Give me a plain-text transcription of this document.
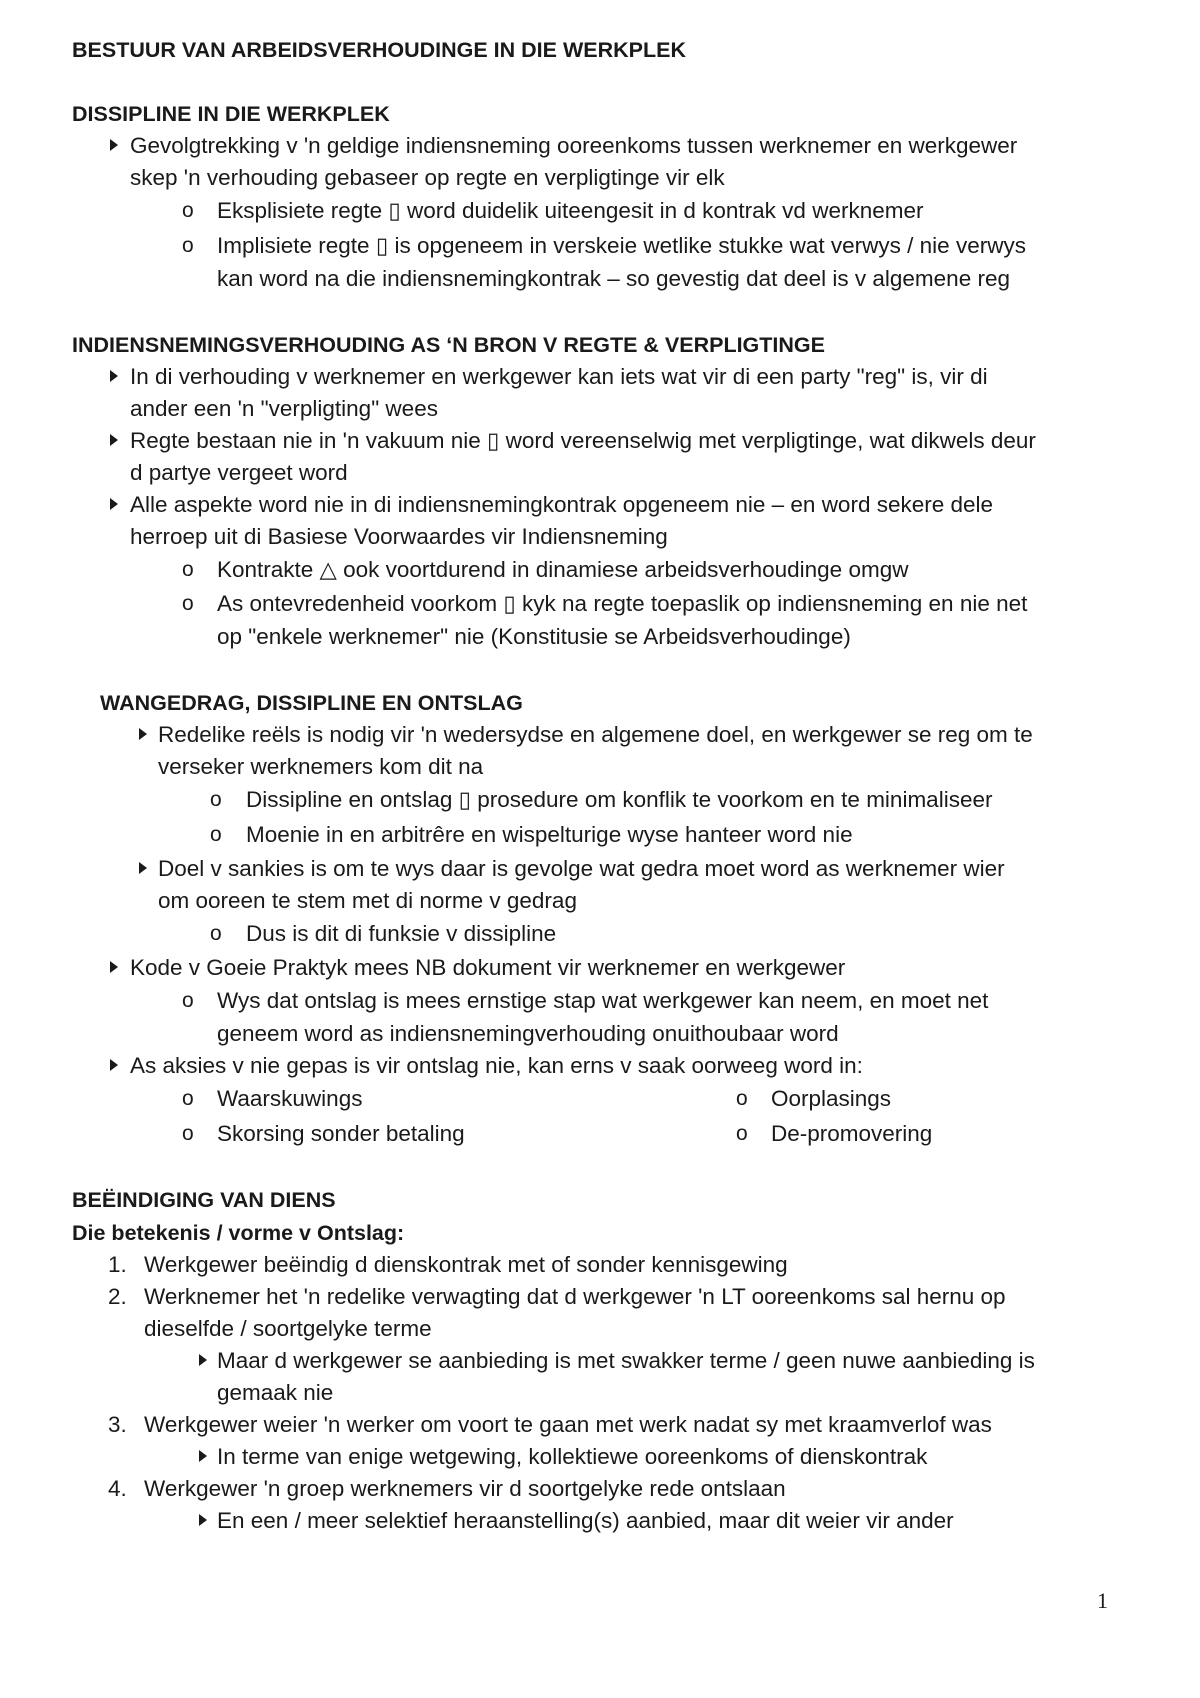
BESTUUR VAN ARBEIDSVERHOUDINGE IN DIE WERKPLEK
DISSIPLINE IN DIE WERKPLEK
Gevolgtrekking v 'n geldige indiensneming ooreenkoms tussen werknemer en werkgewer
skep 'n verhouding gebaseer op regte en verpligtinge vir elk
o Eksplisiete regte ▯ word duidelik uiteengesit in d kontrak vd werknemer
o Implisiete regte ▯ is opgeneem in verskeie wetlike stukke wat verwys / nie verwys
kan word na die indiensnemingkontrak – so gevestig dat deel is v algemene reg
INDIENSNEMINGSVERHOUDING AS ‘N BRON V REGTE & VERPLIGTINGE
In di verhouding v werknemer en werkgewer kan iets wat vir di een party "reg" is, vir di
ander een 'n "verpligting" wees
Regte bestaan nie in 'n vakuum nie ▯ word vereenselwig met verpligtinge, wat dikwels deur
d partye vergeet word
Alle aspekte word nie in di indiensnemingkontrak opgeneem nie – en word sekere dele
herroep uit di Basiese Voorwaardes vir Indiensneming
o Kontrakte △ ook voortdurend in dinamiese arbeidsverhoudinge omgw
o As ontevredenheid voorkom ▯ kyk na regte toepaslik op indiensneming en nie net
op "enkele werknemer" nie (Konstitusie se Arbeidsverhoudinge)
WANGEDRAG, DISSIPLINE EN ONTSLAG
Redelike reëls is nodig vir 'n wedersydse en algemene doel, en werkgewer se reg om te
verseker werknemers kom dit na
o Dissipline en ontslag ▯ prosedure om konflik te voorkom en te minimaliseer
o Moenie in en arbitrêre en wispelturige wyse hanteer word nie
Doel v sankies is om te wys daar is gevolge wat gedra moet word as werknemer wier
om ooreen te stem met di norme v gedrag
o Dus is dit di funksie v dissipline
Kode v Goeie Praktyk mees NB dokument vir werknemer en werkgewer
o Wys dat ontslag is mees ernstige stap wat werkgewer kan neem, en moet net
geneem word as indiensnemingverhouding onuithoubaar word
As aksies v nie gepas is vir ontslag nie, kan erns v saak oorweeg word in:
o Waarskuwings	o Oorplasings
o Skorsing sonder betaling	o De-promovering
BEËINDIGING VAN DIENS
Die betekenis / vorme v Ontslag:
1. Werkgewer beëindig d dienskontrak met of sonder kennisgewing
2. Werknemer het 'n redelike verwagting dat d werkgewer 'n LT ooreenkoms sal hernu op
dieselfde / soortgelyke terme
Maar d werkgewer se aanbieding is met swakker terme / geen nuwe aanbieding is
gemaak nie
3. Werkgewer weier 'n werker om voort te gaan met werk nadat sy met kraamverlof was
In terme van enige wetgewing, kollektiewe ooreenkoms of dienskontrak
4. Werkgewer 'n groep werknemers vir d soortgelyke rede ontslaan
En een / meer selektief heraanstelling(s) aanbied, maar dit weier vir ander
1
